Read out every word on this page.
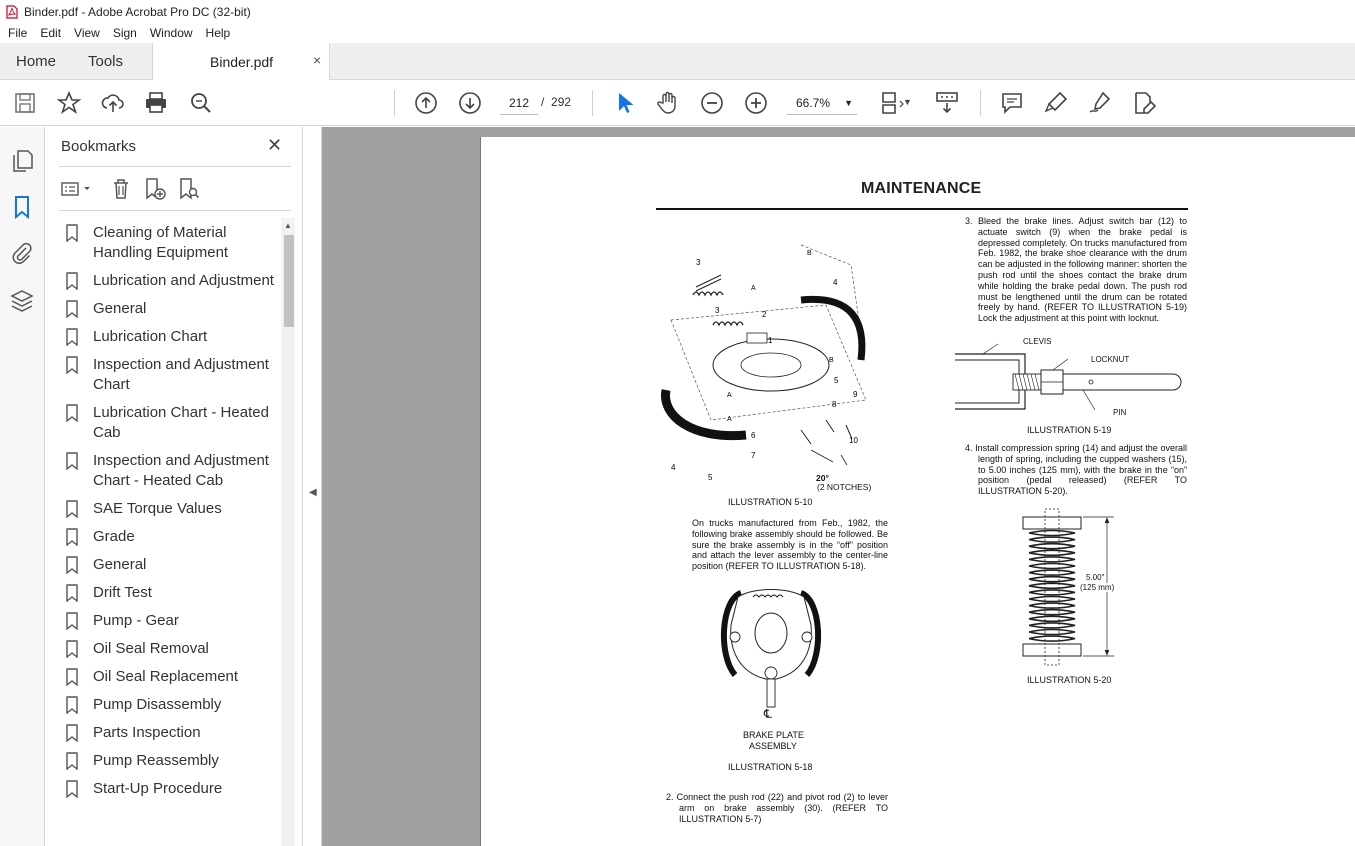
Binder.pdf - Adobe Acrobat Pro DC (32-bit)
File Edit View Sign Window Help
Home Tools	Binder.pdf	×
212 / 292	66.7% ▼	▼
Bookmarks	✕
Cleaning of Material Handling Equipment
Lubrication and Adjustment
General
Lubrication Chart
Inspection and Adjustment Chart
Lubrication Chart - Heated Cab
Inspection and Adjustment Chart - Heated Cab
SAE Torque Values
Grade
General
Drift Test
Pump - Gear
Oil Seal Removal
Oil Seal Replacement
Pump Disassembly
Parts Inspection
Pump Reassembly
Start-Up Procedure
▲
◀
MAINTENANCE
3
3
A
B
4
2
1
B
5
9
8
A
6
7
10
4
5
A
20°
(2 NOTCHES)
ILLUSTRATION 5-10
On trucks manufactured from Feb., 1982, the following brake assembly should be followed. Be sure the brake assembly is in the “off” position and attach the lever assembly to the center-line position (REFER TO ILLUSTRATION 5-18).
℄
BRAKE PLATE
ASSEMBLY
ILLUSTRATION 5-18
2. Connect the push rod (22) and pivot rod (2) to lever arm on brake assembly (30). (REFER TO ILLUSTRATION 5-7)
3. Bleed the brake lines. Adjust switch bar (12) to actuate switch (9) when the brake pedal is depressed completely. On trucks manufactured from Feb. 1982, the brake shoe clearance with the drum can be adjusted in the following manner: shorten the push rod until the shoes contact the brake drum while holding the brake pedal down. The push rod must be lengthened until the drum can be rotated freely by hand. (REFER TO ILLUSTRATION 5-19) Lock the adjustment at this point with locknut.
CLEVIS
LOCKNUT
PIN
ILLUSTRATION 5-19
4. Install compression spring (14) and adjust the overall length of spring, including the cupped washers (15), to 5.00 inches (125 mm), with the brake in the “on” position (pedal released) (REFER TO ILLUSTRATION 5-20).
5.00"
(125 mm)
ILLUSTRATION 5-20
